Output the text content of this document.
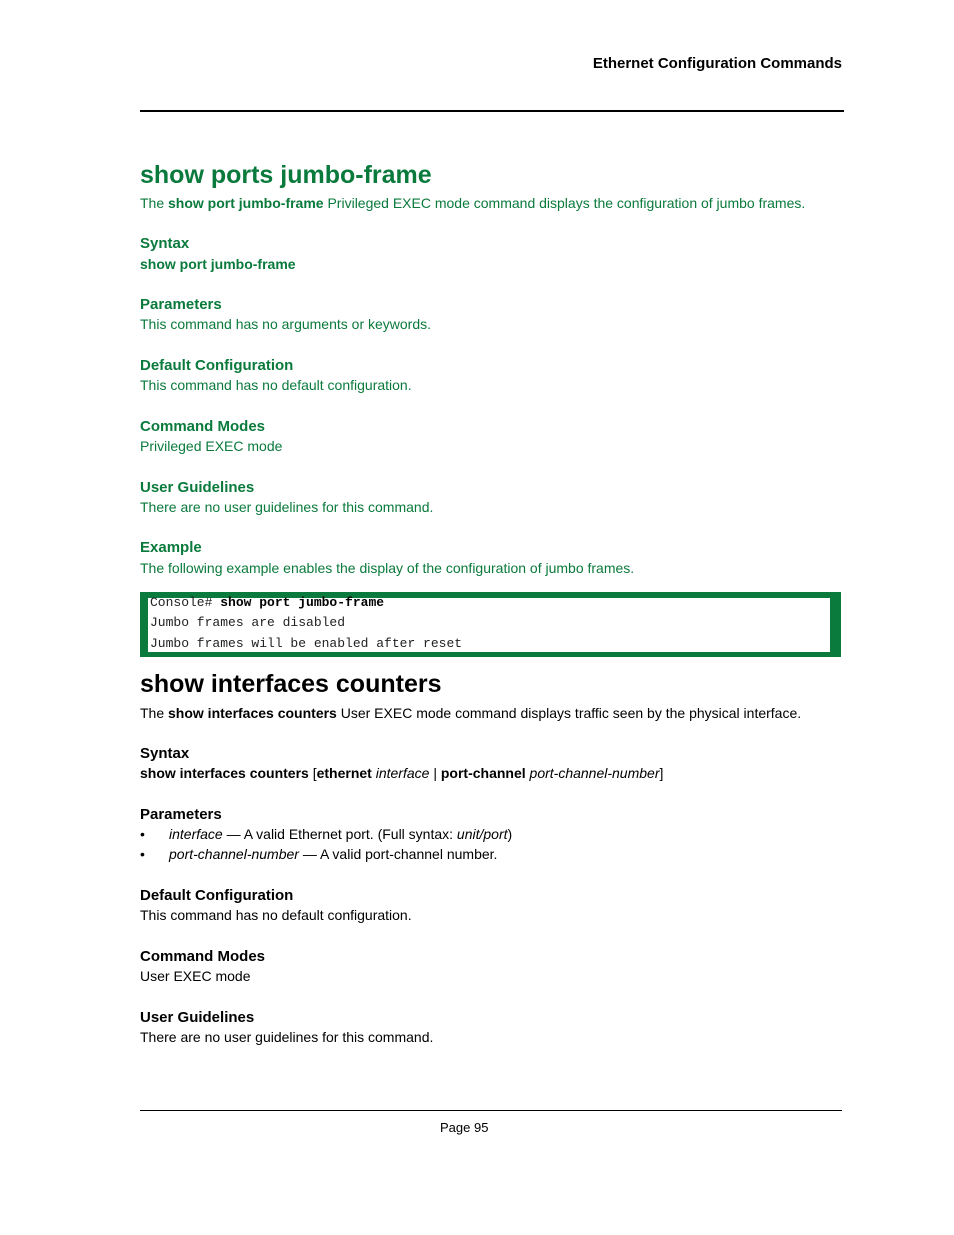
Ethernet Configuration Commands
show ports jumbo-frame
The show port jumbo-frame Privileged EXEC mode command displays the configuration of jumbo frames.
Syntax
show port jumbo-frame
Parameters
This command has no arguments or keywords.
Default Configuration
This command has no default configuration.
Command Modes
Privileged EXEC mode
User Guidelines
There are no user guidelines for this command.
Example
The following example enables the display of the configuration of jumbo frames.
Console# show port jumbo-frame
Jumbo frames are disabled
Jumbo frames will be enabled after reset
show interfaces counters
The show interfaces counters User EXEC mode command displays traffic seen by the physical interface.
Syntax
show interfaces counters [ethernet interface | port-channel port-channel-number]
Parameters
• interface — A valid Ethernet port. (Full syntax: unit/port)
• port-channel-number — A valid port-channel number.
Default Configuration
This command has no default configuration.
Command Modes
User EXEC mode
User Guidelines
There are no user guidelines for this command.
Page 95
